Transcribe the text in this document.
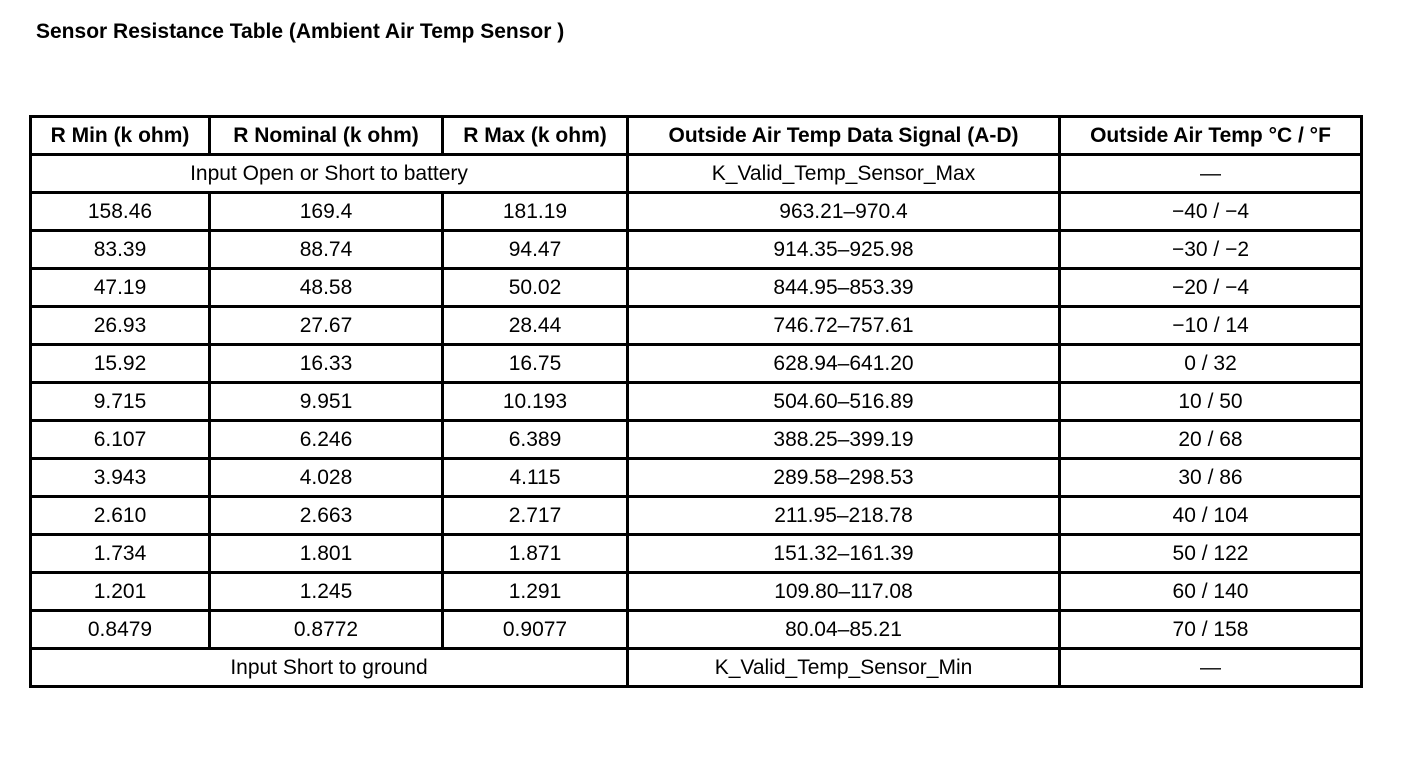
Sensor Resistance Table (Ambient Air Temp Sensor )
R Min (k ohm)	R Nominal (k ohm)	R Max (k ohm)	Outside Air Temp Data Signal (A-D)	Outside Air Temp °C / °F
Input Open or Short to battery			K_Valid_Temp_Sensor_Max	—
158.46	169.4	181.19	963.21–970.4	−40 / −4
83.39	88.74	94.47	914.35–925.98	−30 / −2
47.19	48.58	50.02	844.95–853.39	−20 / −4
26.93	27.67	28.44	746.72–757.61	−10 / 14
15.92	16.33	16.75	628.94–641.20	0 / 32
9.715	9.951	10.193	504.60–516.89	10 / 50
6.107	6.246	6.389	388.25–399.19	20 / 68
3.943	4.028	4.115	289.58–298.53	30 / 86
2.610	2.663	2.717	211.95–218.78	40 / 104
1.734	1.801	1.871	151.32–161.39	50 / 122
1.201	1.245	1.291	109.80–117.08	60 / 140
0.8479	0.8772	0.9077	80.04–85.21	70 / 158
Input Short to ground			K_Valid_Temp_Sensor_Min	—
